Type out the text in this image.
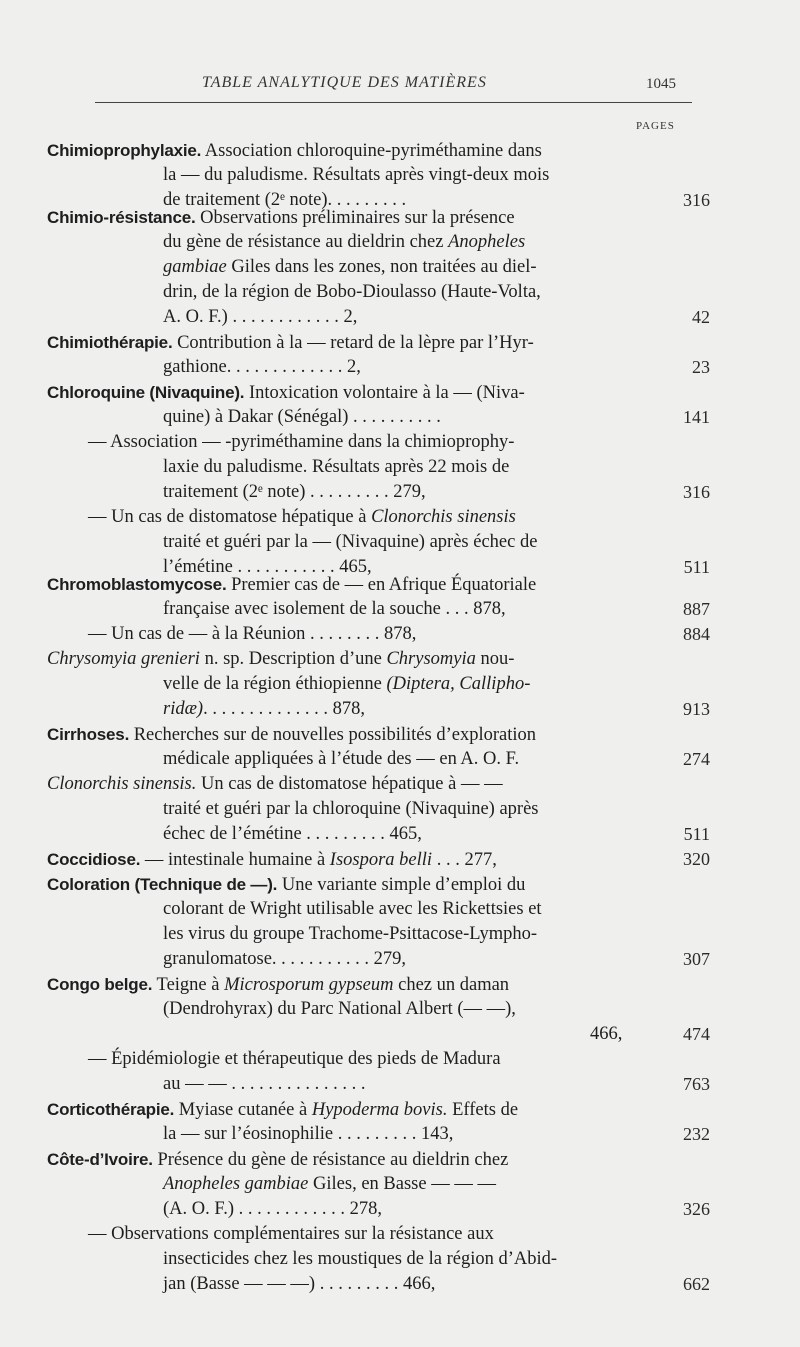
TABLE ANALYTIQUE DES MATIÈRES	1045
PAGES
Chimioprophylaxie. Association chloroquine-pyriméthamine dans
la — du paludisme. Résultats après vingt-deux mois
de traitement (2ᵉ note). . . . . . . . .	316
Chimio-résistance. Observations préliminaires sur la présence
du gène de résistance au dieldrin chez Anopheles
gambiae Giles dans les zones, non traitées au diel-
drin, de la région de Bobo-Dioulasso (Haute-Volta,
A. O. F.) . . . . . . . . . . . . 2,	42
Chimiothérapie. Contribution à la — retard de la lèpre par l’Hyr-
gathione. . . . . . . . . . . . . 2,	23
Chloroquine (Nivaquine). Intoxication volontaire à la — (Niva-
quine) à Dakar (Sénégal) . . . . . . . . . .	141
— Association — -pyriméthamine dans la chimioprophy-
laxie du paludisme. Résultats après 22 mois de
traitement (2ᵉ note) . . . . . . . . . 279,	316
— Un cas de distomatose hépatique à Clonorchis sinensis
traité et guéri par la — (Nivaquine) après échec de
l’émétine . . . . . . . . . . . 465,	511
Chromoblastomycose. Premier cas de — en Afrique Équatoriale
française avec isolement de la souche . . . 878,	887
— Un cas de — à la Réunion . . . . . . . . 878,	884
Chrysomyia grenieri n. sp. Description d’une Chrysomyia nou-
velle de la région éthiopienne (Diptera, Callipho-
ridæ). . . . . . . . . . . . . . 878,	913
Cirrhoses. Recherches sur de nouvelles possibilités d’exploration
médicale appliquées à l’étude des — en A. O. F.	274
Clonorchis sinensis. Un cas de distomatose hépatique à — —
traité et guéri par la chloroquine (Nivaquine) après
échec de l’émétine . . . . . . . . . 465,	511
Coccidiose. — intestinale humaine à Isospora belli . . . 277,	320
Coloration (Technique de —). Une variante simple d’emploi du
colorant de Wright utilisable avec les Rickettsies et
les virus du groupe Trachome-Psittacose-Lympho-
granulomatose. . . . . . . . . . . 279,	307
Congo belge. Teigne à Microsporum gypseum chez un daman
(Dendrohyrax) du Parc National Albert (— —),
466,	474
— Épidémiologie et thérapeutique des pieds de Madura
au — — . . . . . . . . . . . . . . .	763
Corticothérapie. Myiase cutanée à Hypoderma bovis. Effets de
la — sur l’éosinophilie . . . . . . . . . 143,	232
Côte-d’Ivoire. Présence du gène de résistance au dieldrin chez
Anopheles gambiae Giles, en Basse — — —
(A. O. F.) . . . . . . . . . . . . 278,	326
— Observations complémentaires sur la résistance aux
insecticides chez les moustiques de la région d’Abid-
jan (Basse — — —) . . . . . . . . . 466,	662
